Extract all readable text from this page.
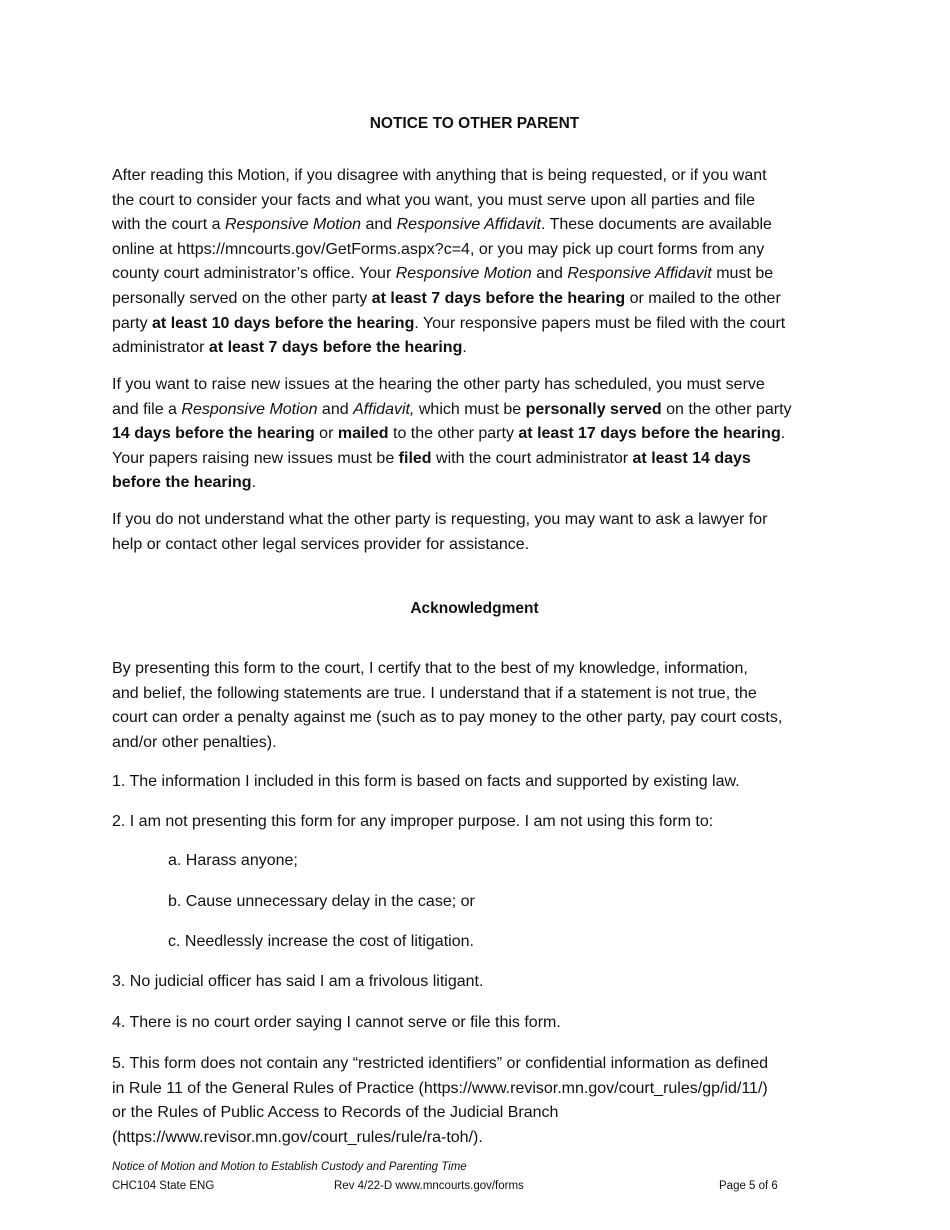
NOTICE TO OTHER PARENT
After reading this Motion, if you disagree with anything that is being requested, or if you want
the court to consider your facts and what you want, you must serve upon all parties and file
with the court a Responsive Motion and Responsive Affidavit. These documents are available
online at https://mncourts.gov/GetForms.aspx?c=4, or you may pick up court forms from any
county court administrator’s office. Your Responsive Motion and Responsive Affidavit must be
personally served on the other party at least 7 days before the hearing or mailed to the other
party at least 10 days before the hearing. Your responsive papers must be filed with the court
administrator at least 7 days before the hearing.
If you want to raise new issues at the hearing the other party has scheduled, you must serve
and file a Responsive Motion and Affidavit, which must be personally served on the other party
14 days before the hearing or mailed to the other party at least 17 days before the hearing.
Your papers raising new issues must be filed with the court administrator at least 14 days
before the hearing.
If you do not understand what the other party is requesting, you may want to ask a lawyer for
help or contact other legal services provider for assistance.
Acknowledgment
By presenting this form to the court, I certify that to the best of my knowledge, information,
and belief, the following statements are true. I understand that if a statement is not true, the
court can order a penalty against me (such as to pay money to the other party, pay court costs,
and/or other penalties).
1. The information I included in this form is based on facts and supported by existing law.
2. I am not presenting this form for any improper purpose. I am not using this form to:
a. Harass anyone;
b. Cause unnecessary delay in the case; or
c. Needlessly increase the cost of litigation.
3. No judicial officer has said I am a frivolous litigant.
4. There is no court order saying I cannot serve or file this form.
5. This form does not contain any “restricted identifiers” or confidential information as defined
in Rule 11 of the General Rules of Practice (https://www.revisor.mn.gov/court_rules/gp/id/11/)
or the Rules of Public Access to Records of the Judicial Branch
(https://www.revisor.mn.gov/court_rules/rule/ra-toh/).
Notice of Motion and Motion to Establish Custody and Parenting Time
CHC104 State ENG	Rev 4/22-D www.mncourts.gov/forms	Page 5 of 6
